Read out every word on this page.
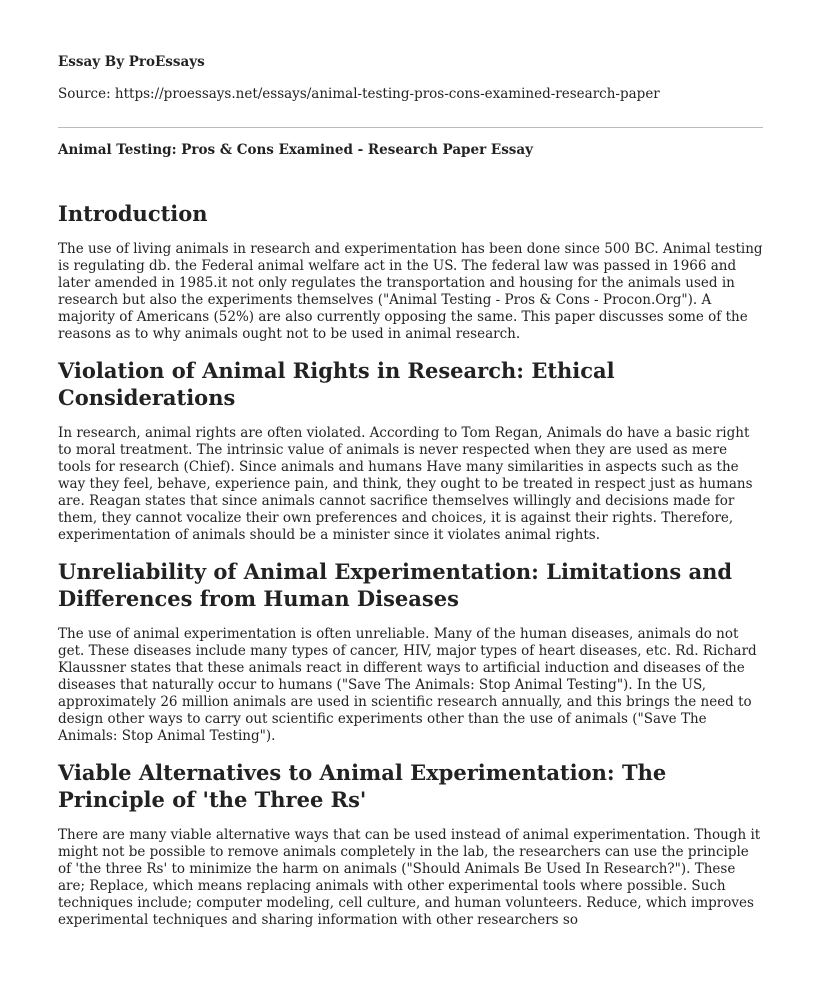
Essay By ProEssays
Source: https://proessays.net/essays/animal-testing-pros-cons-examined-research-paper
Animal Testing: Pros & Cons Examined - Research Paper Essay
Introduction

The use of living animals in research and experimentation has been done since 500 BC. Animal testing is regulating db. the Federal animal welfare act in the US. The federal law was passed in 1966 and later amended in 1985.it not only regulates the transportation and housing for the animals used in research but also the experiments themselves ("Animal Testing - Pros & Cons - Procon.Org"). A majority of Americans (52%) are also currently opposing the same. This paper discusses some of the reasons as to why animals ought not to be used in animal research.

Violation of Animal Rights in Research: Ethical Considerations

In research, animal rights are often violated. According to Tom Regan, Animals do have a basic right to moral treatment. The intrinsic value of animals is never respected when they are used as mere tools for research (Chief). Since animals and humans Have many similarities in aspects such as the way they feel, behave, experience pain, and think, they ought to be treated in respect just as humans are. Reagan states that since animals cannot sacrifice themselves willingly and decisions made for them, they cannot vocalize their own preferences and choices, it is against their rights. Therefore, experimentation of animals should be a minister since it violates animal rights.

Unreliability of Animal Experimentation: Limitations and Differences from Human Diseases

The use of animal experimentation is often unreliable. Many of the human diseases, animals do not get. These diseases include many types of cancer, HIV, major types of heart diseases, etc. Rd. Richard Klaussner states that these animals react in different ways to artificial induction and diseases of the diseases that naturally occur to humans ("Save The Animals: Stop Animal Testing"). In the US, approximately 26 million animals are used in scientific research annually, and this brings the need to design other ways to carry out scientific experiments other than the use of animals ("Save The Animals: Stop Animal Testing").

Viable Alternatives to Animal Experimentation: The Principle of 'the Three Rs'

There are many viable alternative ways that can be used instead of animal experimentation. Though it might not be possible to remove animals completely in the lab, the researchers can use the principle of 'the three Rs' to minimize the harm on animals ("Should Animals Be Used In Research?"). These are; Replace, which means replacing animals with other experimental tools where possible. Such techniques include; computer modeling, cell culture, and human volunteers. Reduce, which improves experimental techniques and sharing information with other researchers so
